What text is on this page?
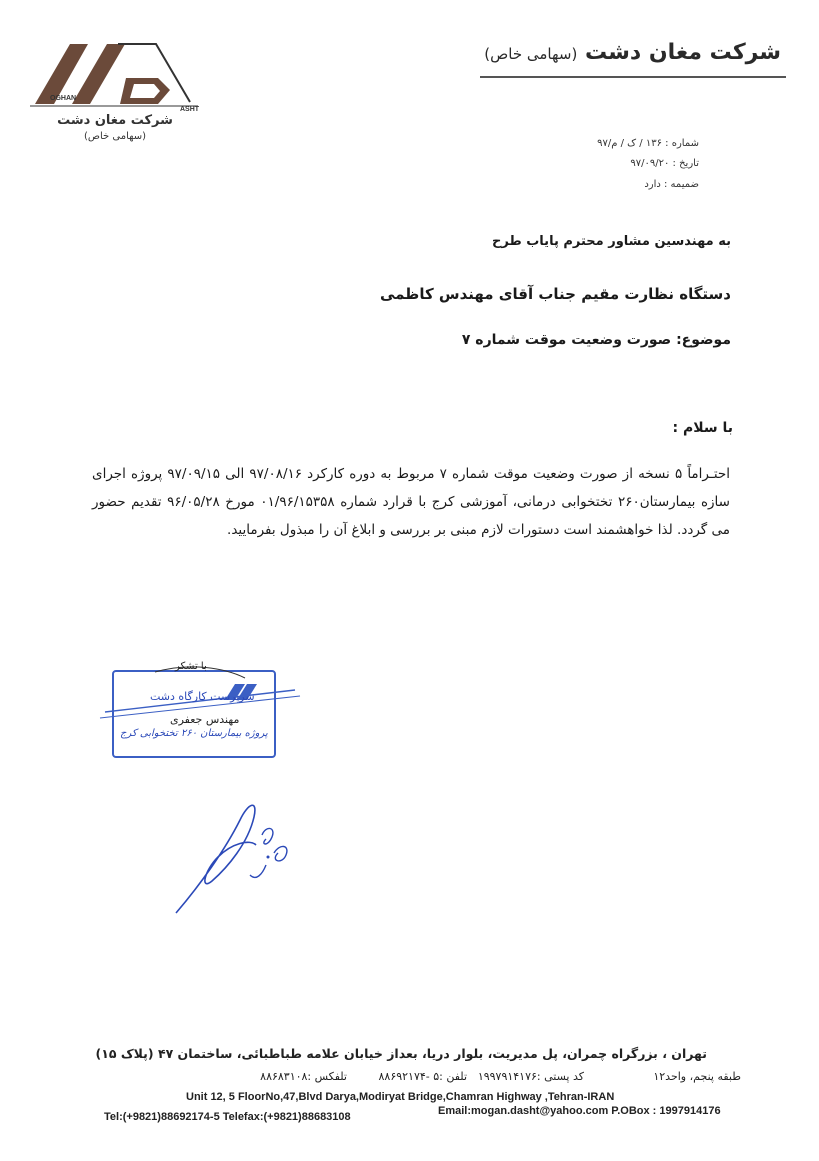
OGHAN
ASHT
شرکت مغان دشت
(سهامی خاص)
شرکت مغان دشت (سهامی خاص)
شماره : ۱۳۶ / ک / م/۹۷
تاریخ : ۹۷/۰۹/۲۰
ضمیمه : دارد
به مهندسین مشاور محترم پایاب طرح
دستگاه نظارت مقیم جناب آقای مهندس کاظمی
موضوع: صورت وضعیت موقت شماره ۷
با سلام :
احتـراماً ۵ نسخه از صورت وضعیت موقت شماره ۷ مربوط به دوره کارکرد ۹۷/۰۸/۱۶ الی ۹۷/۰۹/۱۵ پروژه اجرای سازه بیمارستان۲۶۰ تختخوابی درمانی، آموزشی کرج با قرارد شماره ۰۱/۹۶/۱۵۳۵۸ مورخ ۹۶/۰۵/۲۸ تقدیم حضور می گردد. لذا خواهشمند است دستورات لازم مبنی بر بررسی و ابلاغ آن را مبذول بفرمایید.
با تشکر
سرپرست کارگاه دشت
مهندس جعفری
پروژه بیمارستان ۲۶۰ تختخوابی کرج
تهران ، بزرگراه چمران، پل مدیریت، بلوار دریا، بعداز خیابان علامه طباطبائی، ساختمان ۴۷ (پلاک ۱۵)
طبقه پنجم، واحد۱۲
کد پستی :۱۹۹۷۹۱۴۱۷۶
تلفن :۵ -۸۸۶۹۲۱۷۴
تلفکس :۸۸۶۸۳۱۰۸
Unit 12, 5 FloorNo,47,Blvd Darya,Modiryat Bridge,Chamran Highway ,Tehran-IRAN
Tel:(+9821)88692174-5 Telefax:(+9821)88683108	Email:mogan.dasht@yahoo.com P.OBox : 1997914176
